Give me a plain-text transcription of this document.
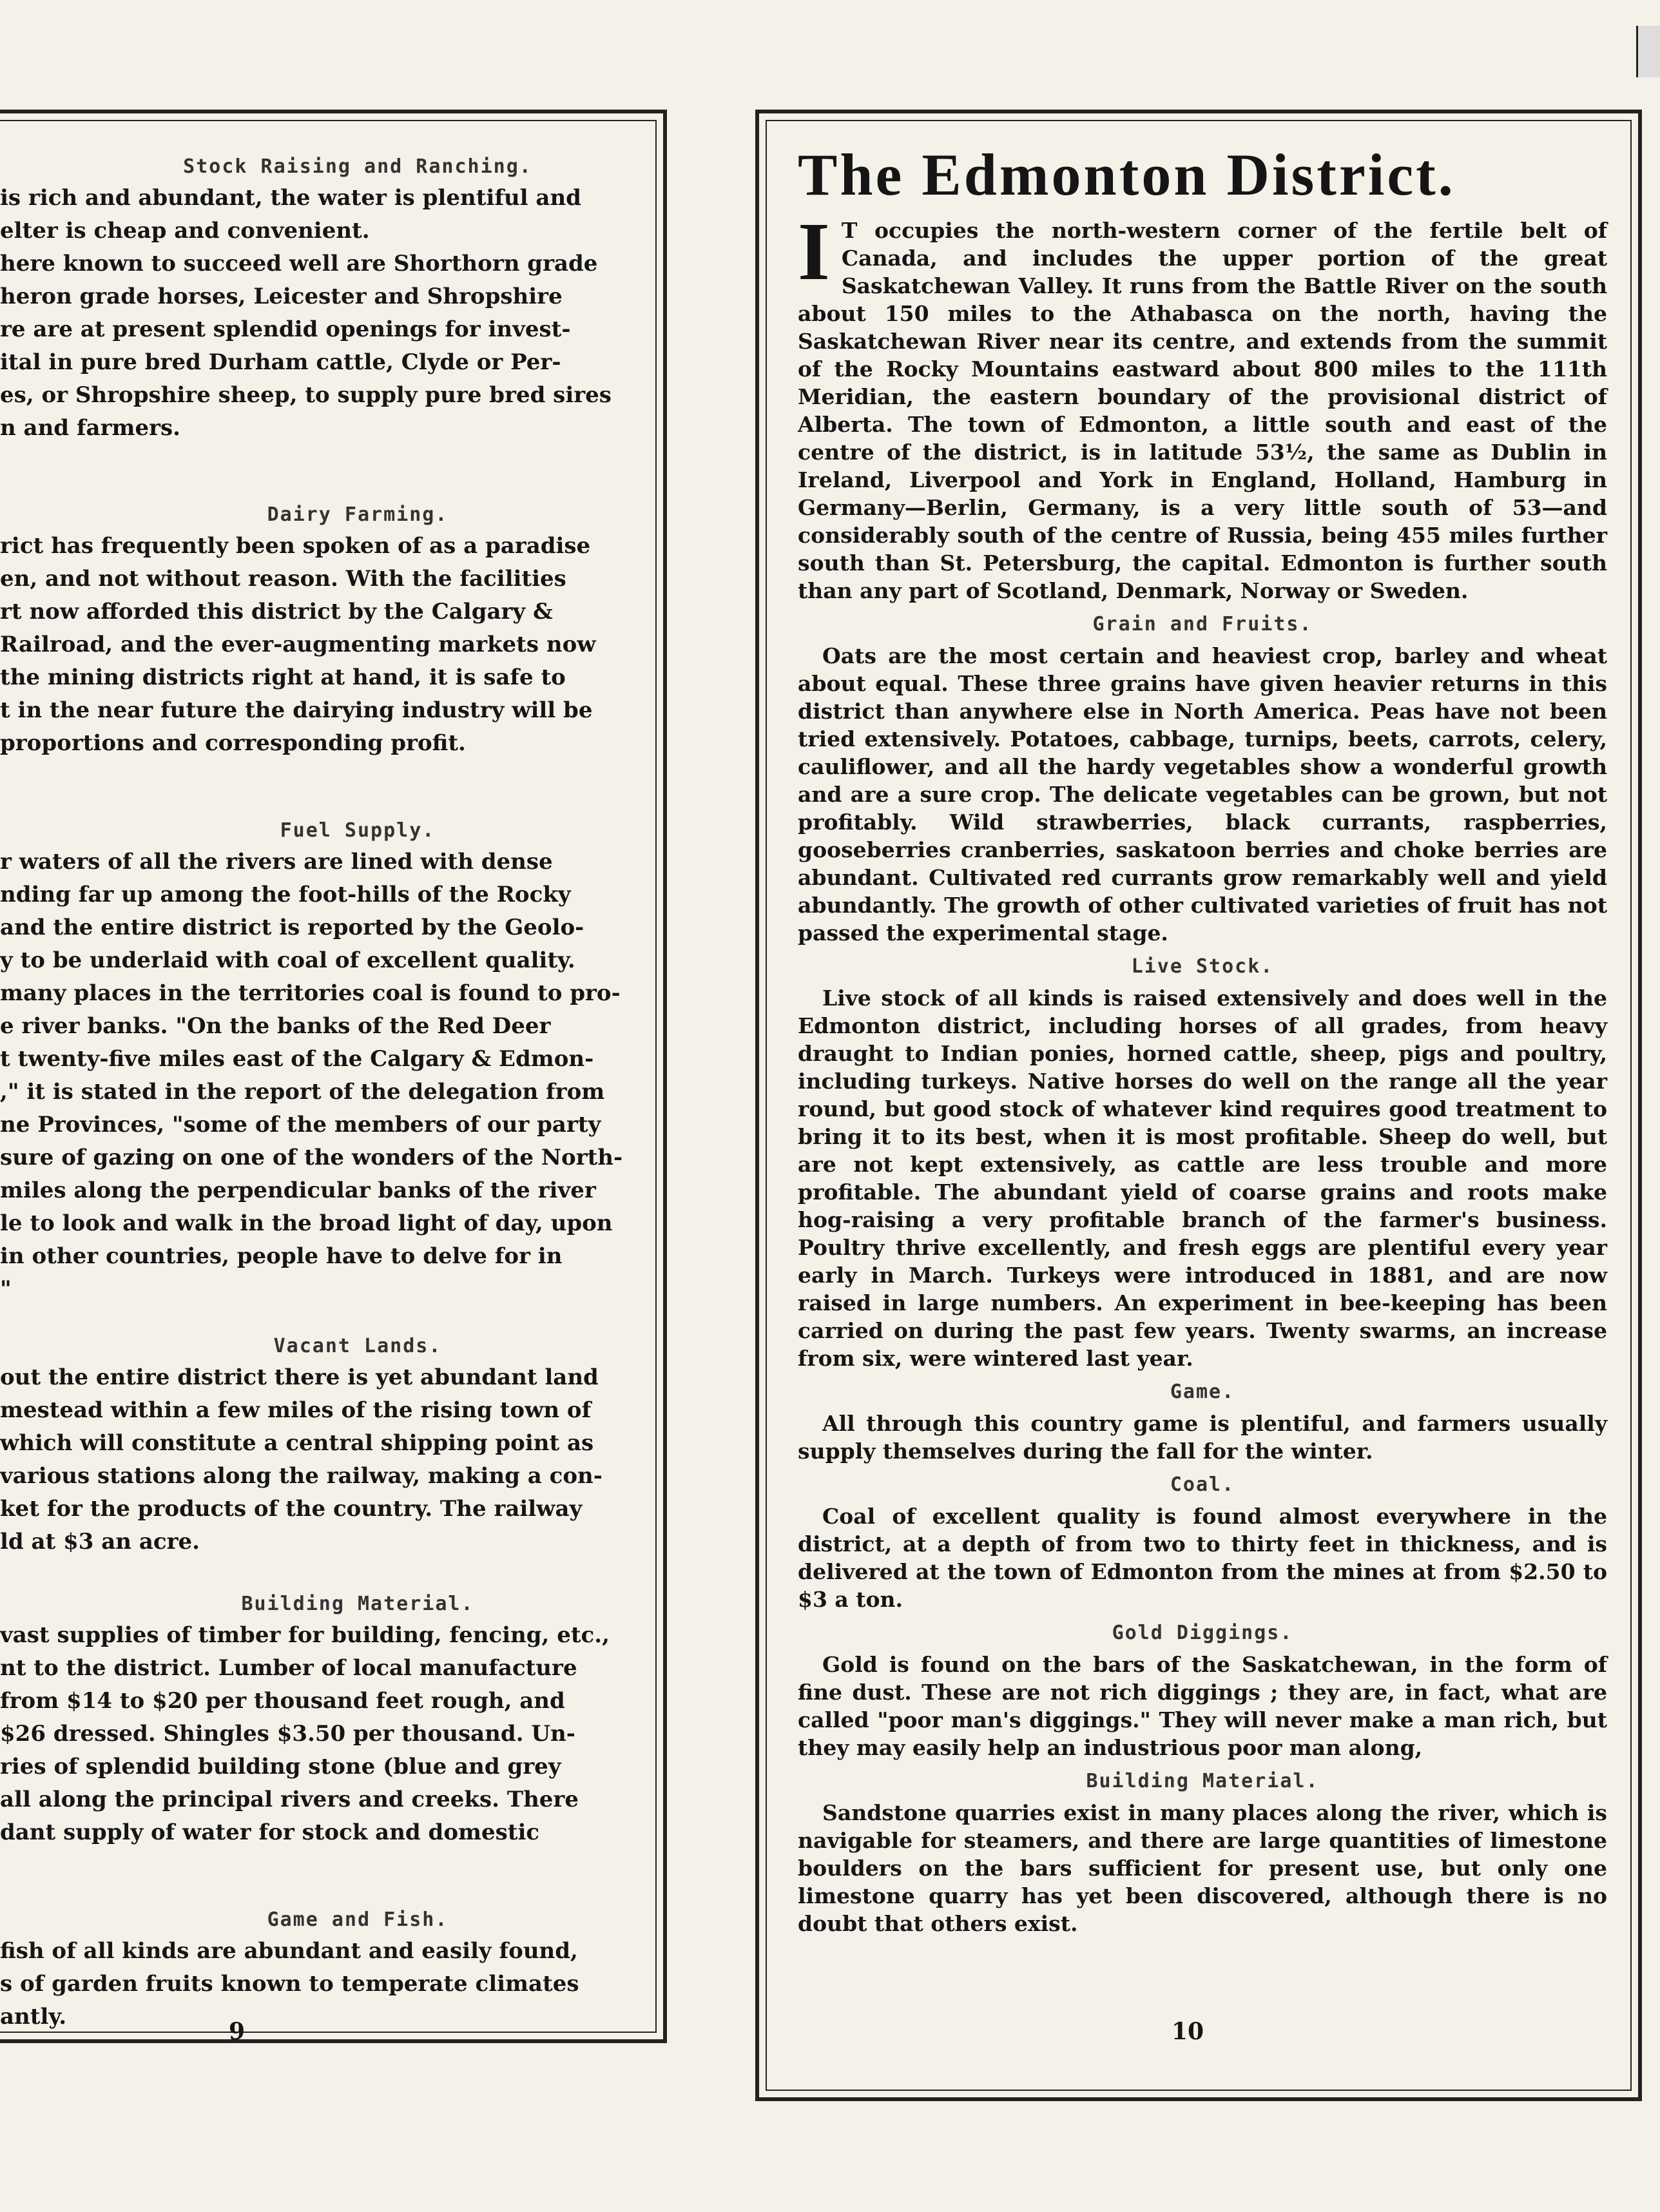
Stock Raising and Ranching.

is rich and abundant, the water is plentiful and

elter is cheap and convenient.

here known to succeed well are Shorthorn grade

heron grade horses, Leicester and Shropshire

re are at present splendid openings for invest-

ital in pure bred Durham cattle, Clyde or Per-

es, or Shropshire sheep, to supply pure bred sires

n and farmers.

Dairy Farming.

rict has frequently been spoken of as a paradise

en, and not without reason. With the facilities

rt now afforded this district by the Calgary &

Railroad, and the ever-augmenting markets now

the mining districts right at hand, it is safe to

t in the near future the dairying industry will be

proportions and corresponding profit.

Fuel Supply.

r waters of all the rivers are lined with dense

nding far up among the foot-hills of the Rocky

and the entire district is reported by the Geolo-

y to be underlaid with coal of excellent quality.

many places in the territories coal is found to pro-

e river banks. "On the banks of the Red Deer

t twenty-five miles east of the Calgary & Edmon-

," it is stated in the report of the delegation from

ne Provinces, "some of the members of our party

sure of gazing on one of the wonders of the North-

miles along the perpendicular banks of the river

le to look and walk in the broad light of day, upon

in other countries, people have to delve for in

"

Vacant Lands.

out the entire district there is yet abundant land

mestead within a few miles of the rising town of

which will constitute a central shipping point as

various stations along the railway, making a con-

ket for the products of the country. The railway

ld at $3 an acre.

Building Material.

vast supplies of timber for building, fencing, etc.,

nt to the district. Lumber of local manufacture

from $14 to $20 per thousand feet rough, and

$26 dressed. Shingles $3.50 per thousand. Un-

ries of splendid building stone (blue and grey

all along the principal rivers and creeks. There

dant supply of water for stock and domestic

Game and Fish.

fish of all kinds are abundant and easily found,

s of garden fruits known to temperate climates

antly.

9
The Edmonton District.

I T occupies the north-western corner of the fertile belt of Canada, and includes the upper portion of the great Saskatchewan Valley. It runs from the Battle River on the south about 150 miles to the Athabasca on the north, having the Saskatchewan River near its centre, and extends from the summit of the Rocky Mountains eastward about 800 miles to the 111th Meridian, the eastern boundary of the provisional district of Alberta. The town of Edmonton, a little south and east of the centre of the district, is in latitude 53½, the same as Dublin in Ireland, Liverpool and York in England, Holland, Hamburg in Germany—Berlin, Germany, is a very little south of 53—and considerably south of the centre of Russia, being 455 miles further south than St. Petersburg, the capital. Edmonton is further south than any part of Scotland, Denmark, Norway or Sweden.

Grain and Fruits.

Oats are the most certain and heaviest crop, barley and wheat about equal. These three grains have given heavier returns in this district than anywhere else in North America. Peas have not been tried extensively. Potatoes, cabbage, turnips, beets, carrots, celery, cauliflower, and all the hardy vegetables show a wonderful growth and are a sure crop. The delicate vegetables can be grown, but not profitably. Wild strawberries, black currants, raspberries, gooseberries cranberries, saskatoon berries and choke berries are abundant. Cultivated red currants grow remarkably well and yield abundantly. The growth of other cultivated varieties of fruit has not passed the experimental stage.

Live Stock.

Live stock of all kinds is raised extensively and does well in the Edmonton district, including horses of all grades, from heavy draught to Indian ponies, horned cattle, sheep, pigs and poultry, including turkeys. Native horses do well on the range all the year round, but good stock of whatever kind requires good treatment to bring it to its best, when it is most profitable. Sheep do well, but are not kept extensively, as cattle are less trouble and more profitable. The abundant yield of coarse grains and roots make hog-raising a very profitable branch of the farmer's business. Poultry thrive excellently, and fresh eggs are plentiful every year early in March. Turkeys were introduced in 1881, and are now raised in large numbers. An experiment in bee-keeping has been carried on during the past few years. Twenty swarms, an increase from six, were wintered last year.

Game.

All through this country game is plentiful, and farmers usually supply themselves during the fall for the winter.

Coal.

Coal of excellent quality is found almost everywhere in the district, at a depth of from two to thirty feet in thickness, and is delivered at the town of Edmonton from the mines at from $2.50 to $3 a ton.

Gold Diggings.

Gold is found on the bars of the Saskatchewan, in the form of fine dust. These are not rich diggings ; they are, in fact, what are called "poor man's diggings." They will never make a man rich, but they may easily help an industrious poor man along,

Building Material.

Sandstone quarries exist in many places along the river, which is navigable for steamers, and there are large quantities of limestone boulders on the bars sufficient for present use, but only one limestone quarry has yet been discovered, although there is no doubt that others exist.

10
